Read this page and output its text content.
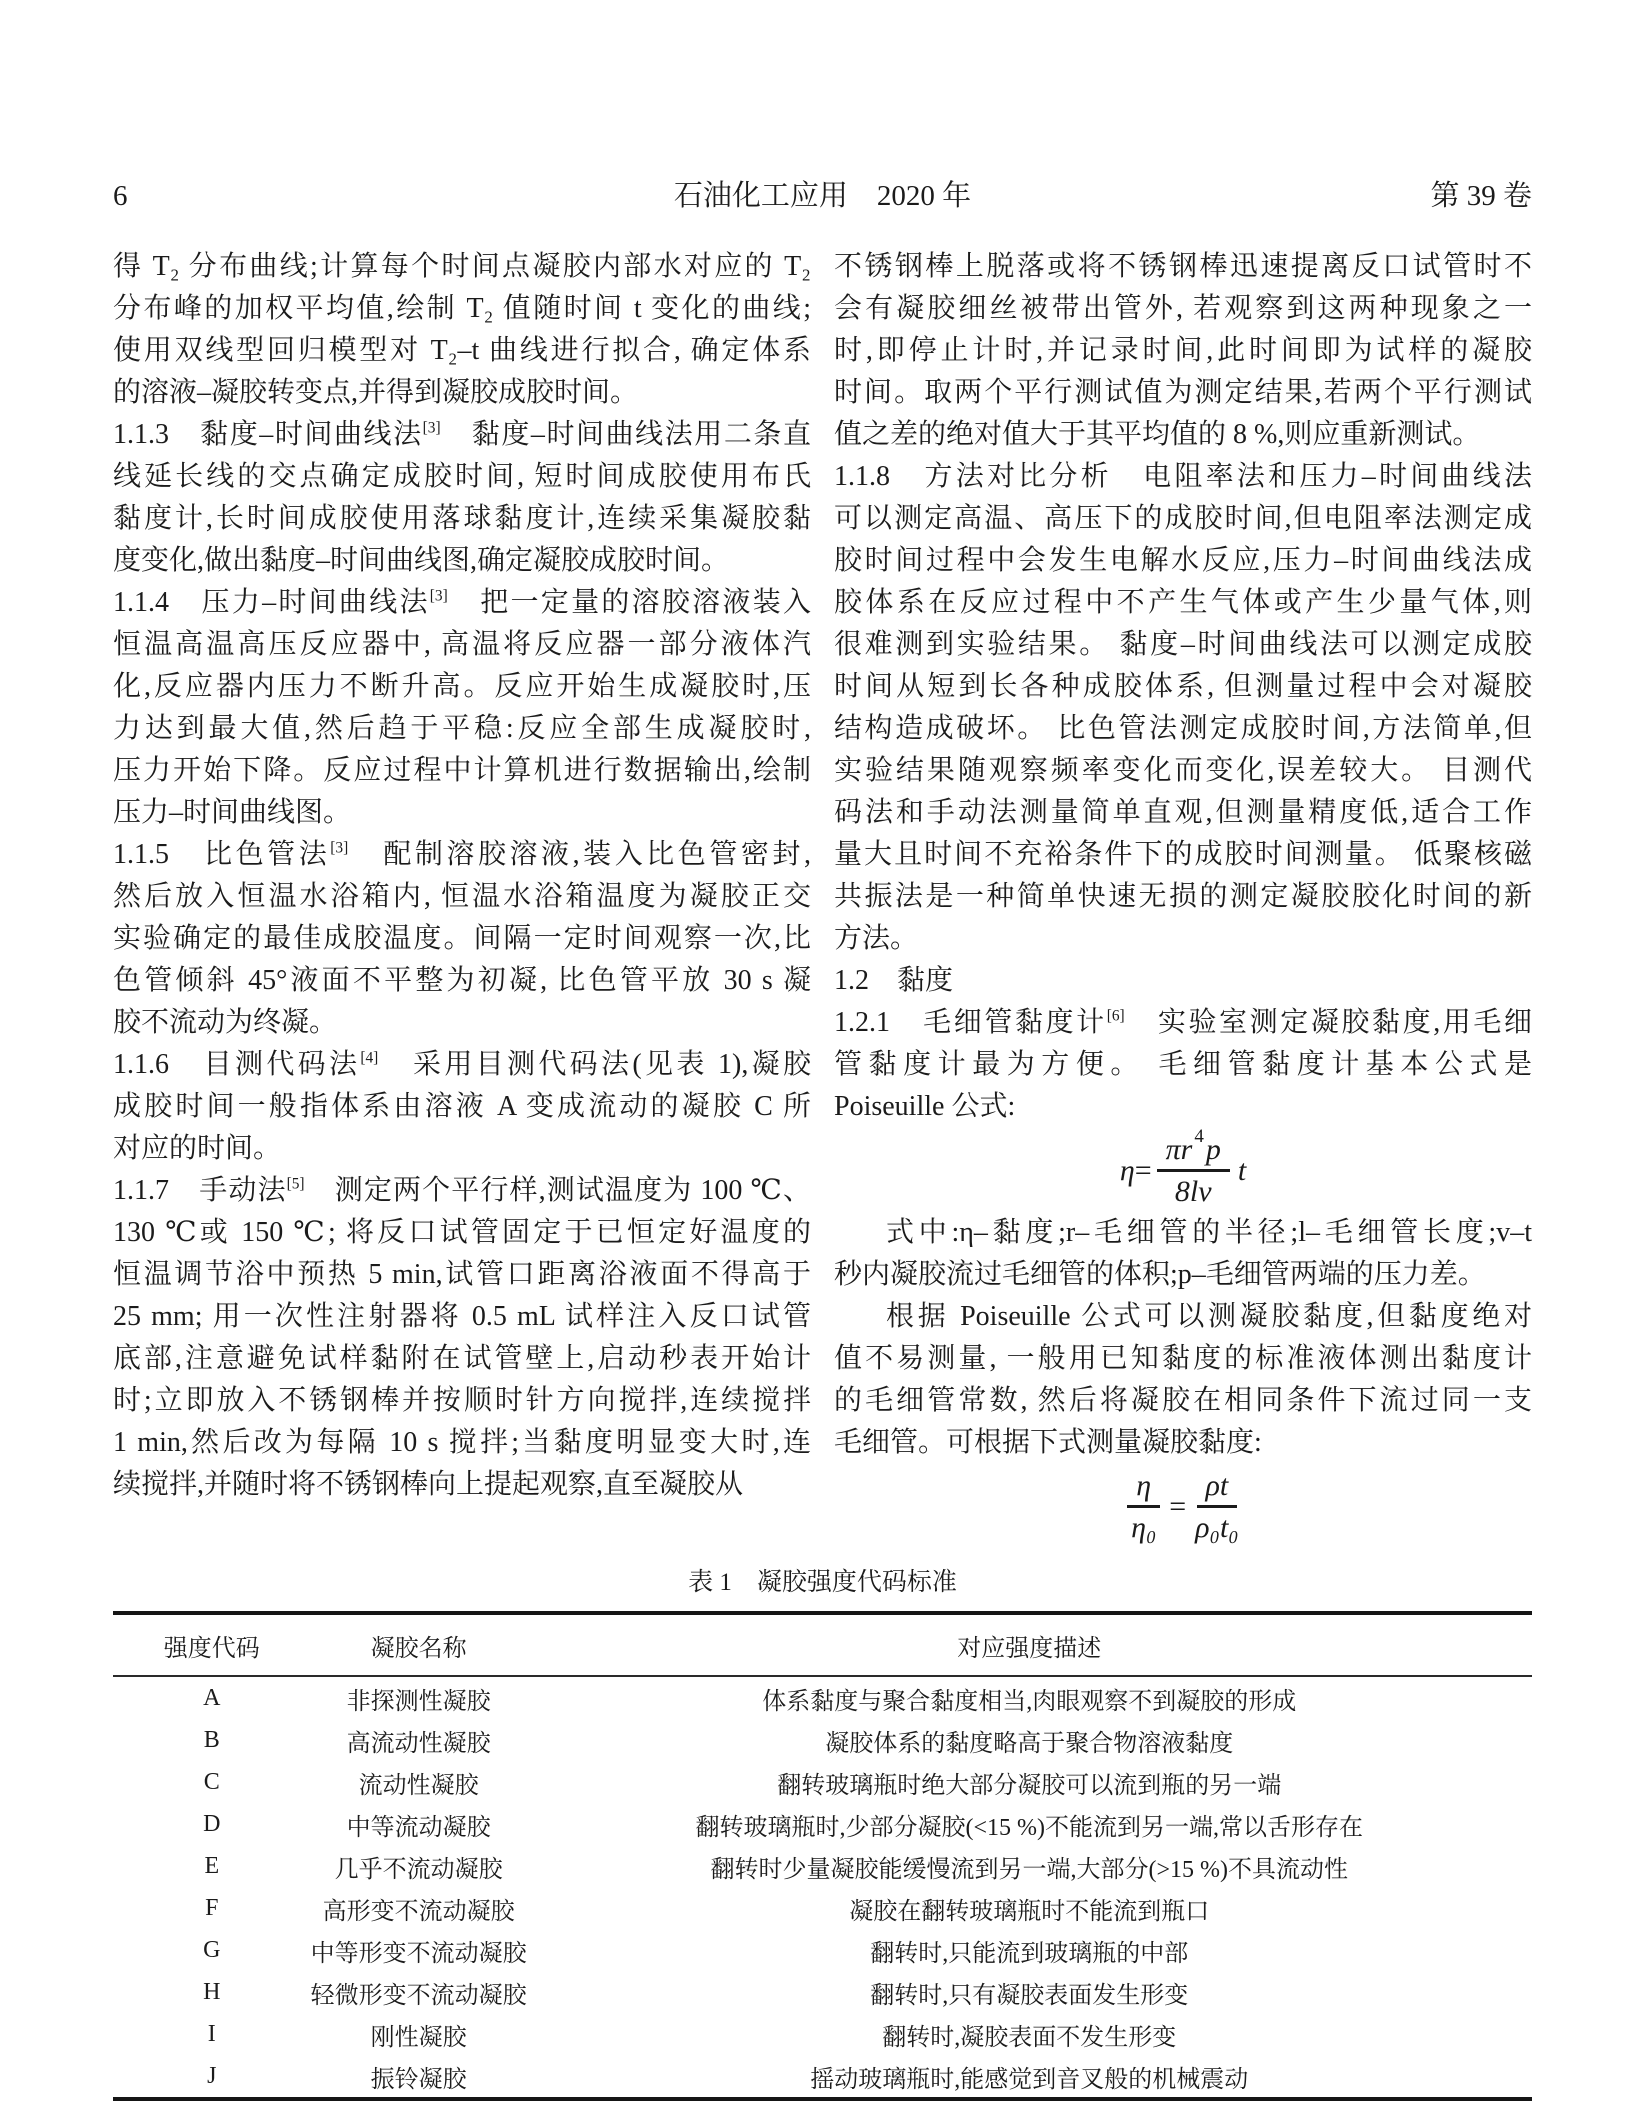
6	石油化工应用　2020 年	第 39 卷
得 T₂ 分布曲线;计算每个时间点凝胶内部水对应的 T₂
分布峰的加权平均值,绘制 T₂ 值随时间 t 变化的曲线;
使用双线型回归模型对 T₂–t 曲线进行拟合, 确定体系
的溶液–凝胶转变点,并得到凝胶成胶时间。
1.1.3　黏度–时间曲线法[3]　黏度–时间曲线法用二条直
线延长线的交点确定成胶时间, 短时间成胶使用布氏
黏度计,长时间成胶使用落球黏度计,连续采集凝胶黏
度变化,做出黏度–时间曲线图,确定凝胶成胶时间。
1.1.4　压力–时间曲线法[3]　把一定量的溶胶溶液装入
恒温高温高压反应器中, 高温将反应器一部分液体汽
化,反应器内压力不断升高。反应开始生成凝胶时,压
力达到最大值,然后趋于平稳:反应全部生成凝胶时,
压力开始下降。反应过程中计算机进行数据输出,绘制
压力–时间曲线图。
1.1.5　比色管法[3]　配制溶胶溶液,装入比色管密封,
然后放入恒温水浴箱内, 恒温水浴箱温度为凝胶正交
实验确定的最佳成胶温度。间隔一定时间观察一次,比
色管倾斜 45°液面不平整为初凝, 比色管平放 30 s 凝
胶不流动为终凝。
1.1.6　目测代码法[4]　采用目测代码法(见表 1),凝胶
成胶时间一般指体系由溶液 A 变成流动的凝胶 C 所
对应的时间。
1.1.7　手动法[5]　测定两个平行样,测试温度为 100 ℃、
130 ℃或 150 ℃; 将反口试管固定于已恒定好温度的
恒温调节浴中预热 5 min,试管口距离浴液面不得高于
25 mm; 用一次性注射器将 0.5 mL 试样注入反口试管
底部,注意避免试样黏附在试管壁上,启动秒表开始计
时;立即放入不锈钢棒并按顺时针方向搅拌,连续搅拌
1 min,然后改为每隔 10 s 搅拌;当黏度明显变大时,连
续搅拌,并随时将不锈钢棒向上提起观察,直至凝胶从
不锈钢棒上脱落或将不锈钢棒迅速提离反口试管时不
会有凝胶细丝被带出管外, 若观察到这两种现象之一
时,即停止计时,并记录时间,此时间即为试样的凝胶
时间。取两个平行测试值为测定结果,若两个平行测试
值之差的绝对值大于其平均值的 8 %,则应重新测试。
1.1.8　方法对比分析　电阻率法和压力–时间曲线法
可以测定高温、高压下的成胶时间,但电阻率法测定成
胶时间过程中会发生电解水反应,压力–时间曲线法成
胶体系在反应过程中不产生气体或产生少量气体,则
很难测到实验结果。 黏度–时间曲线法可以测定成胶
时间从短到长各种成胶体系, 但测量过程中会对凝胶
结构造成破坏。 比色管法测定成胶时间,方法简单,但
实验结果随观察频率变化而变化,误差较大。 目测代
码法和手动法测量简单直观,但测量精度低,适合工作
量大且时间不充裕条件下的成胶时间测量。 低聚核磁
共振法是一种简单快速无损的测定凝胶胶化时间的新
方法。
1.2　黏度
1.2.1　毛细管黏度计[6]　实验室测定凝胶黏度,用毛细
管黏度计最为方便。 毛细管黏度计基本公式是
Poiseuille 公式:
$\eta = \frac{\pi r ^4p}{8lv}$ t
式中:η–黏度;r–毛细管的半径;l–毛细管长度;v–t
秒内凝胶流过毛细管的体积;p–毛细管两端的压力差。
根据 Poiseuille 公式可以测凝胶黏度,但黏度绝对
值不易测量, 一般用已知黏度的标准液体测出黏度计
的毛细管常数, 然后将凝胶在相同条件下流过同一支
毛细管。可根据下式测量凝胶黏度:
$\frac{\eta}{\text{η₀}} = \frac{\rho t}{\text{ρ₀t₀}}$
表 1　凝胶强度代码标准
强度代码	凝胶名称	对应强度描述
A	非探测性凝胶	体系黏度与聚合黏度相当,肉眼观察不到凝胶的形成
B	高流动性凝胶	凝胶体系的黏度略高于聚合物溶液黏度
C	流动性凝胶	翻转玻璃瓶时绝大部分凝胶可以流到瓶的另一端
D	中等流动凝胶	翻转玻璃瓶时,少部分凝胶(<15 %)不能流到另一端,常以舌形存在
E	几乎不流动凝胶	翻转时少量凝胶能缓慢流到另一端,大部分(>15 %)不具流动性
F	高形变不流动凝胶	凝胶在翻转玻璃瓶时不能流到瓶口
G	中等形变不流动凝胶	翻转时,只能流到玻璃瓶的中部
H	轻微形变不流动凝胶	翻转时,只有凝胶表面发生形变
I	刚性凝胶	翻转时,凝胶表面不发生形变
J	振铃凝胶	摇动玻璃瓶时,能感觉到音叉般的机械震动
